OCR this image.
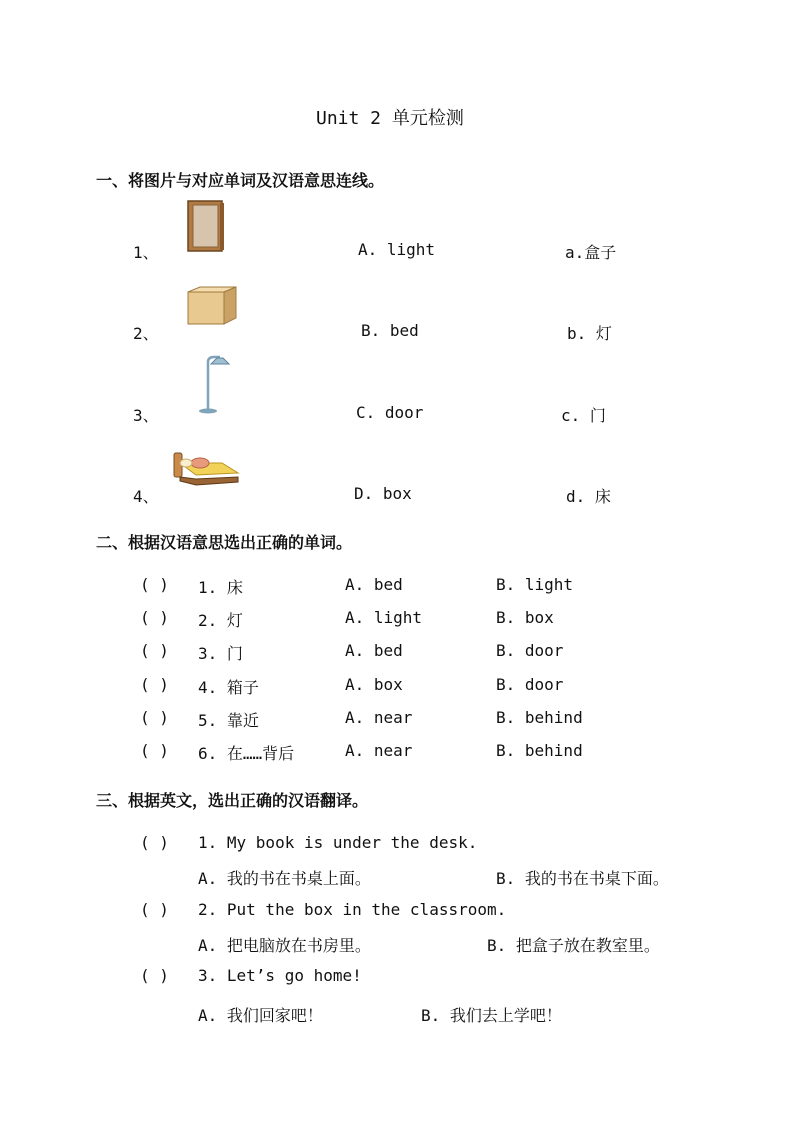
Unit 2 单元检测
一、将图片与对应单词及汉语意思连线。
1、	A. light	a.盒子
2、	B. bed	b. 灯
3、	C. door	c. 门
4、	D. box	d. 床
二、根据汉语意思选出正确的单词。
( ) 1. 床	A. bed	B. light
( ) 2. 灯	A. light	B. box
( ) 3. 门	A. bed	B. door
( ) 4. 箱子	A. box	B. door
( ) 5. 靠近	A. near	B. behind
( ) 6. 在……背后	A. near	B. behind
三、根据英文，选出正确的汉语翻译。
( ) 1. My book is under the desk.
A. 我的书在书桌上面。	B. 我的书在书桌下面。
( ) 2. Put the box in the classroom.
A. 把电脑放在书房里。	B. 把盒子放在教室里。
( ) 3. Let’s go home!
A. 我们回家吧！	B. 我们去上学吧！
